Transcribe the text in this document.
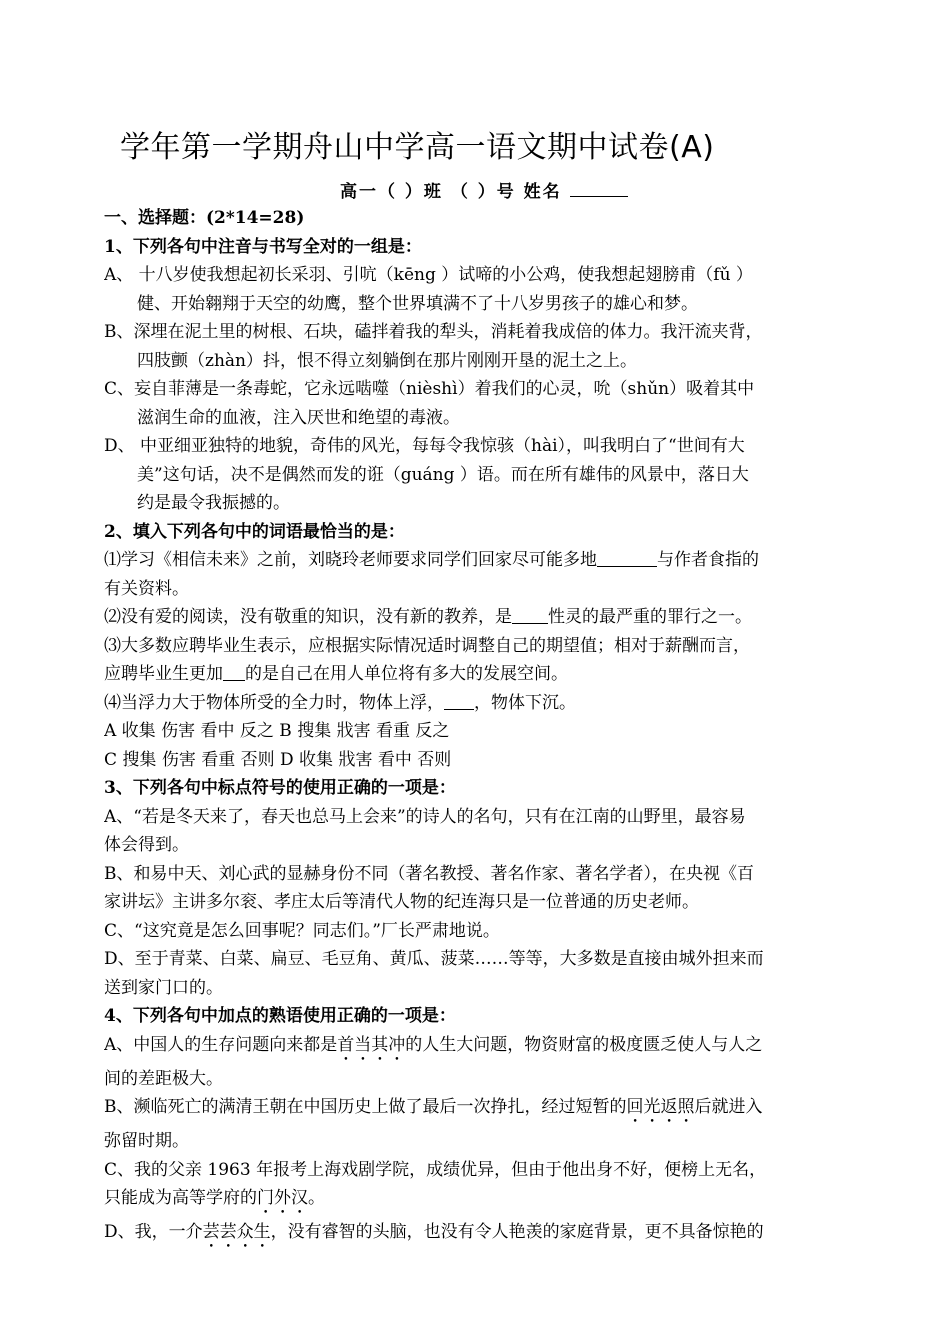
学年第一学期舟山中学高一语文期中试卷(A)
高一（ ）班 （ ）号 姓名

一、选择题：(2*14=28)

1、下列各句中注音与书写全对的一组是：

A、 十八岁使我想起初长采羽、引吭（kēng ）试啼的小公鸡，使我想起翅膀甫（fǔ ）

健、开始翱翔于天空的幼鹰，整个世界填满不了十八岁男孩子的雄心和梦。

B、深埋在泥土里的树根、石块，磕拌着我的犁头，消耗着我成倍的体力。我汗流夹背，

四肢颤（zhàn）抖，恨不得立刻躺倒在那片刚刚开垦的泥土之上。

C、妄自菲薄是一条毒蛇，它永远啮噬（nièshì）着我们的心灵，吮（shǔn）吸着其中

滋润生命的血液，注入厌世和绝望的毒液。

D、 中亚细亚独特的地貌，奇伟的风光，每每令我惊骇（hài），叫我明白了“世间有大

美”这句话，决不是偶然而发的诳（guáng ）语。而在所有雄伟的风景中，落日大

约是最令我振撼的。

2、填入下列各句中的词语最恰当的是：

⑴学习《相信未来》之前，刘晓玲老师要求同学们回家尽可能多地	与作者食指的

有关资料。

⑵没有爱的阅读，没有敬重的知识，没有新的教养，是 性灵的最严重的罪行之一。

⑶大多数应聘毕业生表示，应根据实际情况适时调整自己的期望值；相对于薪酬而言，

应聘毕业生更加 的是自己在用人单位将有多大的发展空间。

⑷当浮力大于物体所受的全力时，物体上浮， ，物体下沉。

A 收集 伤害 看中 反之 B 搜集 戕害 看重 反之

C 搜集 伤害 看重 否则 D 收集 戕害 看中 否则

3、下列各句中标点符号的使用正确的一项是：

A、“若是冬天来了，春天也总马上会来”的诗人的名句，只有在江南的山野里，最容易

体会得到。

B、和易中天、刘心武的显赫身份不同（著名教授、著名作家、著名学者），在央视《百

家讲坛》主讲多尔衮、孝庄太后等清代人物的纪连海只是一位普通的历史老师。

C、“这究竟是怎么回事呢？同志们。”厂长严肃地说。

D、至于青菜、白菜、扁豆、毛豆角、黄瓜、菠菜……等等，大多数是直接由城外担来而

送到家门口的。

4、下列各句中加点的熟语使用正确的一项是：

A、中国人的生存问题向来都是首当其冲的人生大问题，物资财富的极度匮乏使人与人之

间的差距极大。

B、濒临死亡的满清王朝在中国历史上做了最后一次挣扎，经过短暂的回光返照后就进入

弥留时期。

C、我的父亲 1963 年报考上海戏剧学院，成绩优异，但由于他出身不好，便榜上无名，

只能成为高等学府的门外汉。

D、我，一介芸芸众生，没有睿智的头脑，也没有令人艳羡的家庭背景，更不具备惊艳的
